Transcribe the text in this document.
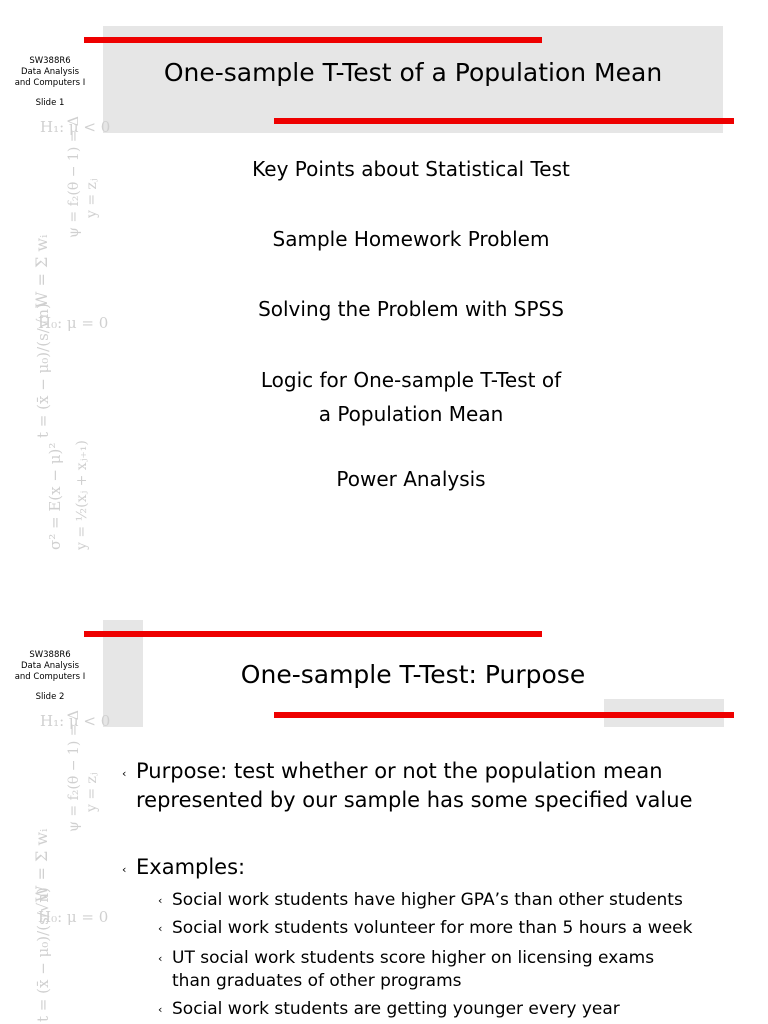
SW388R6
Data Analysis
and Computers I
Slide 1
H₁: μ < 0
y = zⱼ
ψ = f₂(θ − 1) = Δ
W = Σ wᵢ
H₀: μ = 0
t = (x̄ − μ₀)/(s/√n)
σ² = E(x − μ)² y = ½(xⱼ + xⱼ₊₁)
One-sample T-Test of a Population Mean
Key Points about Statistical Test
Sample Homework Problem
Solving the Problem with SPSS
Logic for One-sample T-Test of
a Population Mean
Power Analysis
SW388R6
Data Analysis
and Computers I
Slide 2
H₁: μ < 0
y = zⱼ
ψ = f₂(θ − 1) = Δ
W = Σ wᵢ
H₀: μ = 0
t = (x̄ − μ₀)/(s/√n)
One-sample T-Test: Purpose
‹ Purpose: test whether or not the population mean
represented by our sample has some specified value
‹ Examples:
‹ Social work students have higher GPA’s than other students
‹ Social work students volunteer for more than 5 hours a week
‹ UT social work students score higher on licensing exams
than graduates of other programs
‹ Social work students are getting younger every year
